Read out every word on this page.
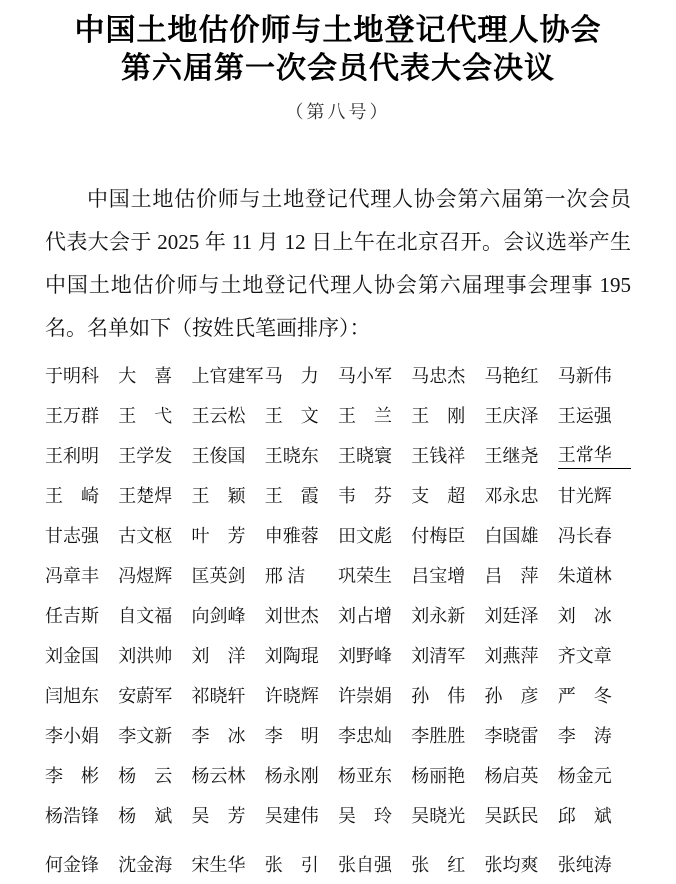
中国土地估价师与土地登记代理人协会
第六届第一次会员代表大会决议
（第八号）
中国土地估价师与土地登记代理人协会第六届第一次会员
代表大会于 2025 年 11 月 12 日上午在北京召开。会议选举产生
中国土地估价师与土地登记代理人协会第六届理事会理事 195
名。名单如下（按姓氏笔画排序）：
于明科	大　喜	上官建军 马　力	马小军	马忠杰	马艳红	马新伟
王万群	王　弋	王云松	王　文	王　兰	王　刚	王庆泽	王运强
王利明	王学发	王俊国	王晓东	王晓寰	王钱祥	王继尧	王常华
王　崎	王楚焊	王　颖	王　霞	韦　芬	支　超	邓永忠	甘光辉
甘志强	古文枢	叶　芳	申雅蓉	田文彪	付梅臣	白国雄	冯长春
冯章丰	冯煜辉	匡英剑	邢 洁	巩荣生	吕宝增	吕　萍	朱道林
任吉斯	自文福	向剑峰	刘世杰	刘占增	刘永新	刘廷泽	刘　冰
刘金国	刘洪帅	刘　洋	刘陶琨	刘野峰	刘清军	刘燕萍	齐文章
闫旭东	安蔚军	祁晓轩	许晓辉	许崇娟	孙　伟	孙　彦	严　冬
李小娟	李文新	李　冰	李　明	李忠灿	李胜胜	李晓雷	李　涛
李　彬	杨　云	杨云林	杨永刚	杨亚东	杨丽艳	杨启英	杨金元
杨浩锋	杨　斌	吴　芳	吴建伟	吴　玲	吴晓光	吴跃民	邱　斌
何金锋	沈金海	宋生华	张　引	张自强	张　红	张均爽	张纯涛
